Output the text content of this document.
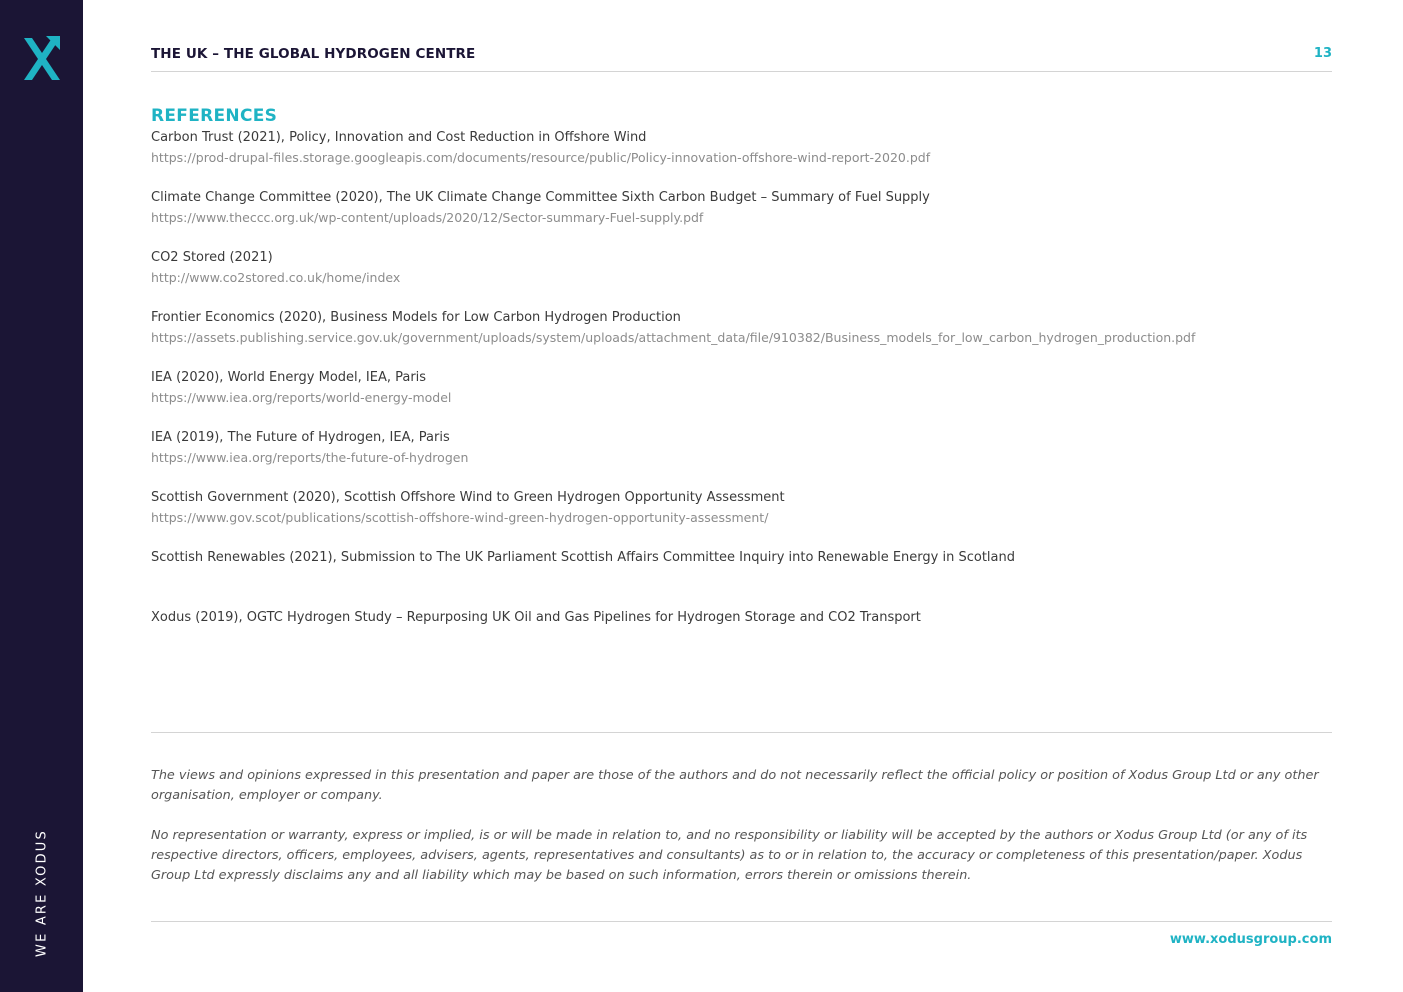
WE ARE XODUS
THE UK – THE GLOBAL HYDROGEN CENTRE	13
REFERENCES
Carbon Trust (2021), Policy, Innovation and Cost Reduction in Offshore Wind
https://prod-drupal-files.storage.googleapis.com/documents/resource/public/Policy-innovation-offshore-wind-report-2020.pdf
Climate Change Committee (2020), The UK Climate Change Committee Sixth Carbon Budget – Summary of Fuel Supply
https://www.theccc.org.uk/wp-content/uploads/2020/12/Sector-summary-Fuel-supply.pdf
CO2 Stored (2021)
http://www.co2stored.co.uk/home/index
Frontier Economics (2020), Business Models for Low Carbon Hydrogen Production
https://assets.publishing.service.gov.uk/government/uploads/system/uploads/attachment_data/file/910382/Business_models_for_low_carbon_hydrogen_production.pdf
IEA (2020), World Energy Model, IEA, Paris
https://www.iea.org/reports/world-energy-model
IEA (2019), The Future of Hydrogen, IEA, Paris
https://www.iea.org/reports/the-future-of-hydrogen
Scottish Government (2020), Scottish Offshore Wind to Green Hydrogen Opportunity Assessment
https://www.gov.scot/publications/scottish-offshore-wind-green-hydrogen-opportunity-assessment/
Scottish Renewables (2021), Submission to The UK Parliament Scottish Affairs Committee Inquiry into Renewable Energy in Scotland
Xodus (2019), OGTC Hydrogen Study – Repurposing UK Oil and Gas Pipelines for Hydrogen Storage and CO2 Transport

The views and opinions expressed in this presentation and paper are those of the authors and do not necessarily reflect the official policy or position of Xodus Group Ltd or any other organisation, employer or company.

No representation or warranty, express or implied, is or will be made in relation to, and no responsibility or liability will be accepted by the authors or Xodus Group Ltd (or any of its respective directors, officers, employees, advisers, agents, representatives and consultants) as to or in relation to, the accuracy or completeness of this presentation/paper. Xodus Group Ltd expressly disclaims any and all liability which may be based on such information, errors therein or omissions therein.

www.xodusgroup.com
